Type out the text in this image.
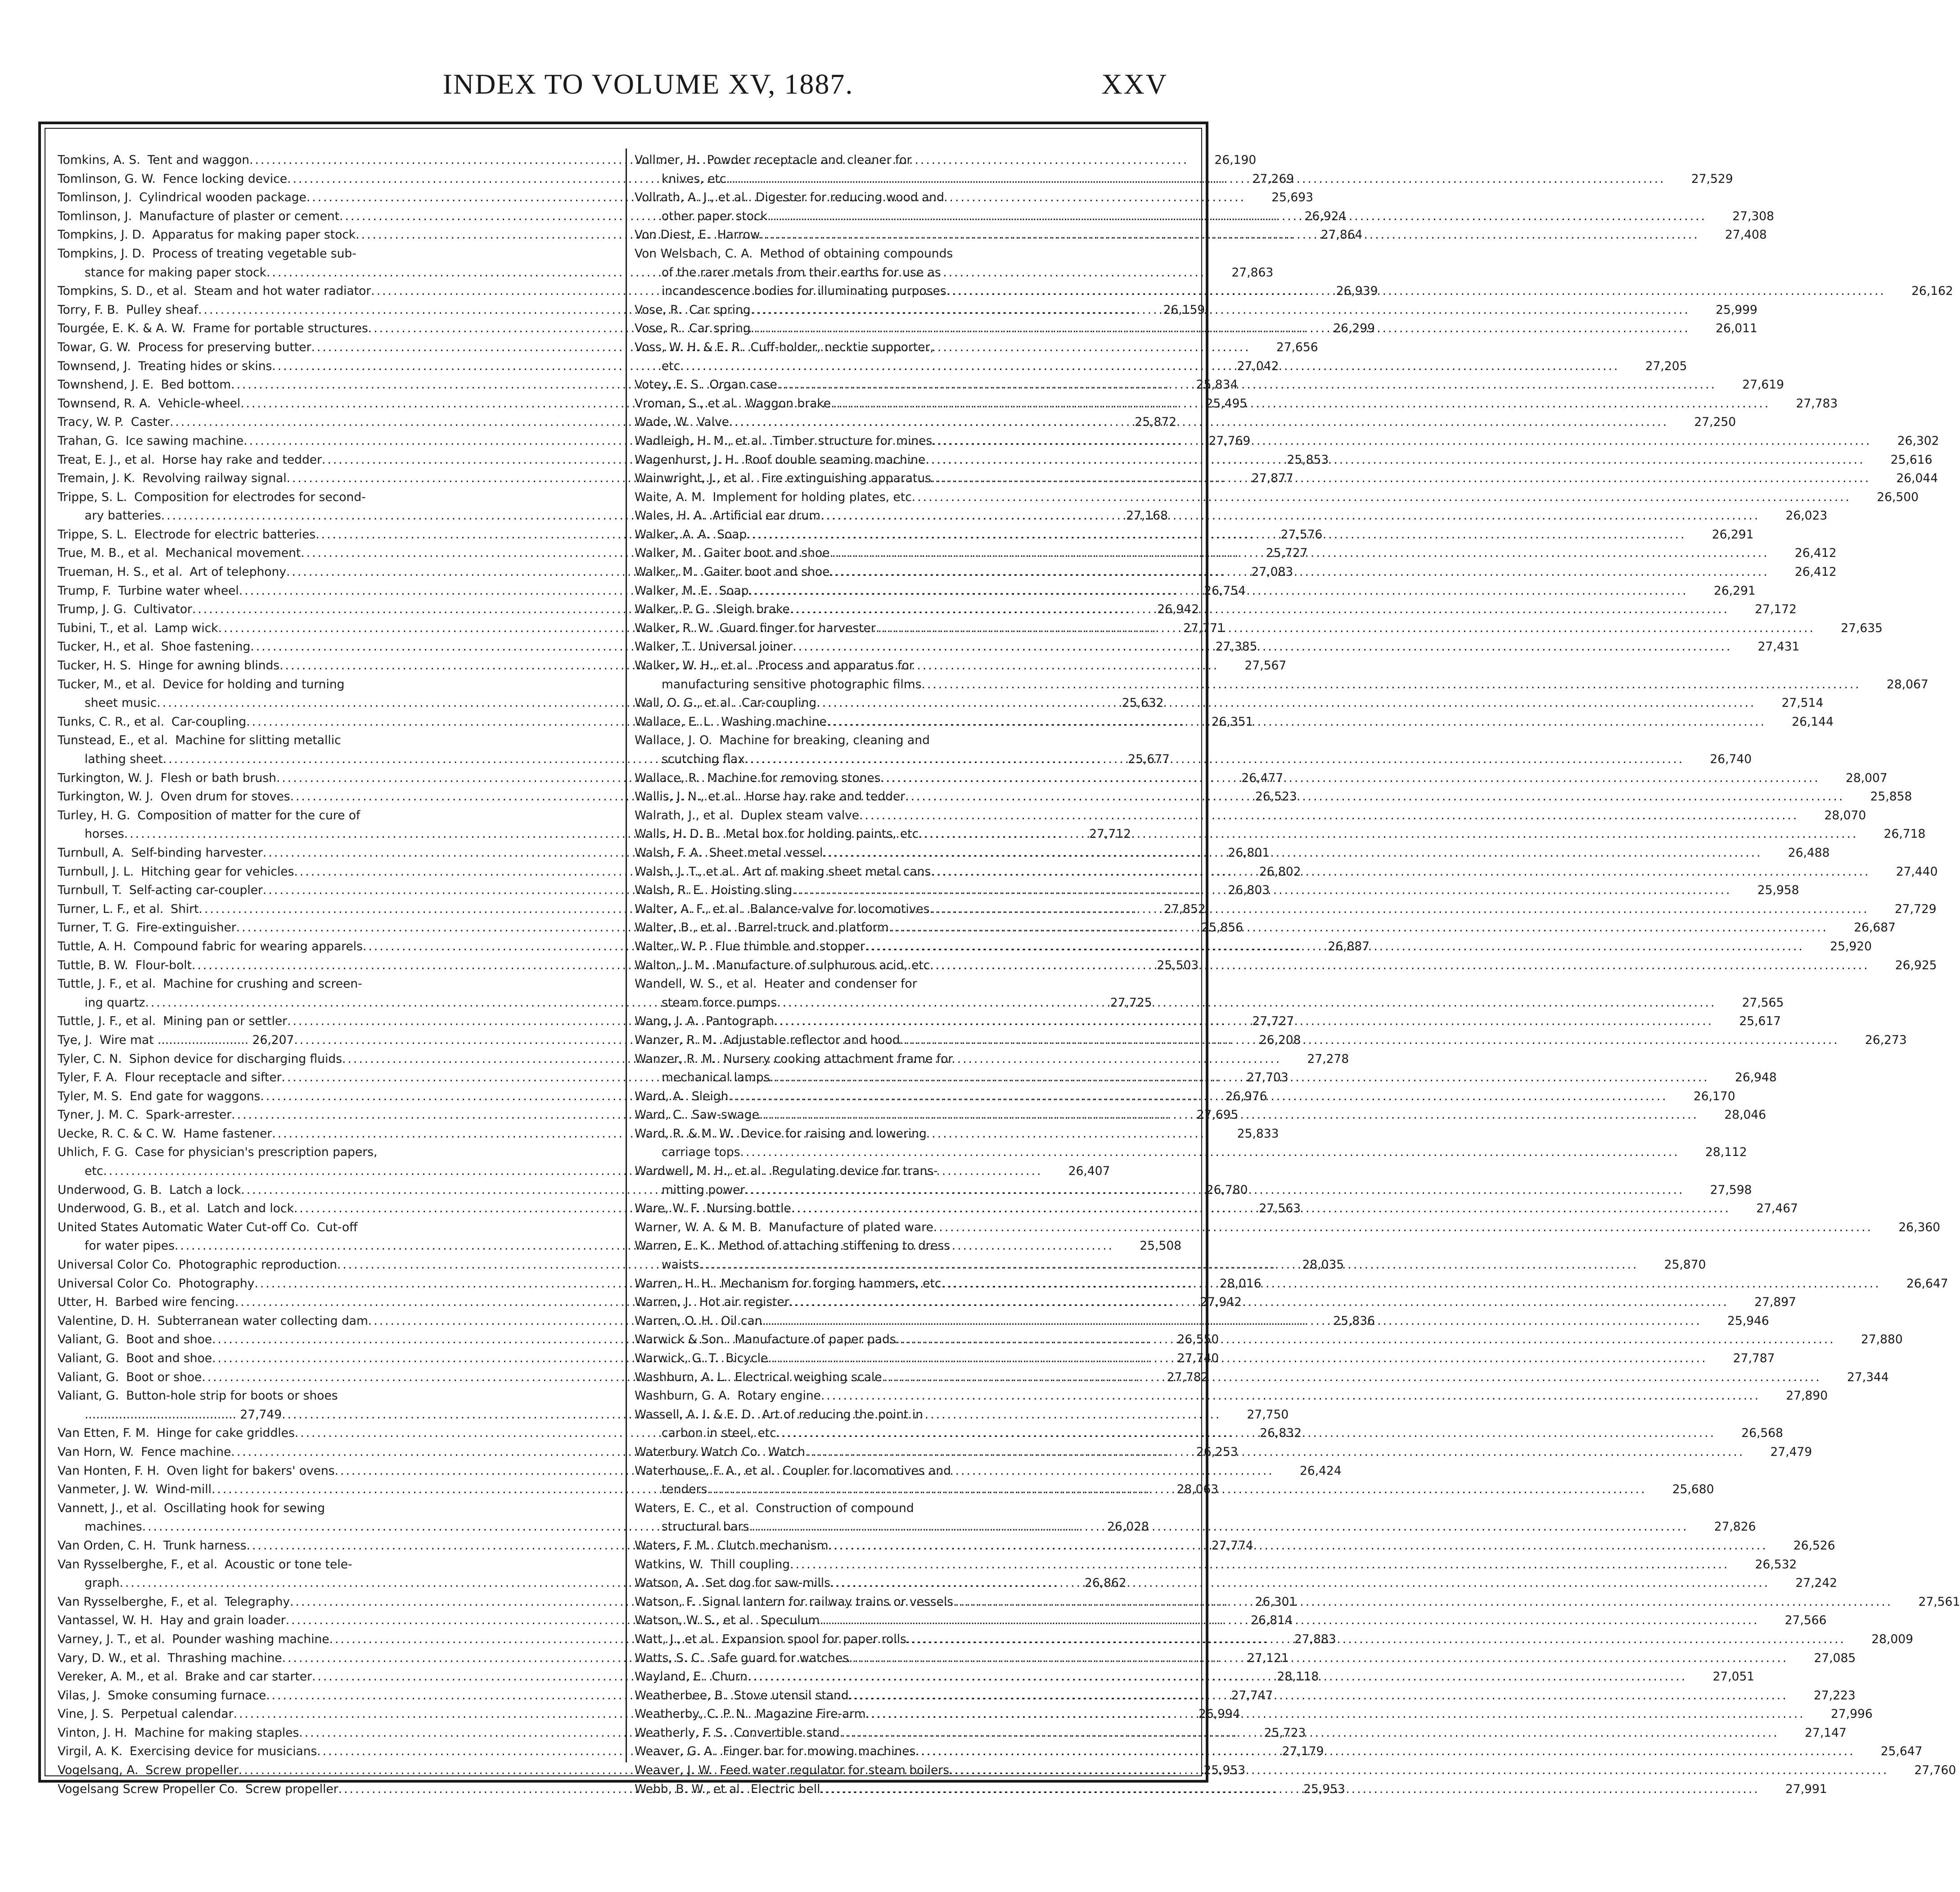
INDEX TO VOLUME XV, 1887.	XXV
Tomkins, A. S. Tent and waggon .....	26,190
Tomlinson, G. W. Fence locking device .....	27,269
Tomlinson, J. Cylindrical wooden package .....	25,693
Tomlinson, J. Manufacture of plaster or cement .....	26,924
Tompkins, J. D. Apparatus for making paper stock .....	27,864
Tompkins, J. D. Process of treating vegetable sub-
stance for making paper stock .....	27,863
Tompkins, S. D., et al. Steam and hot water radiator .....	26,939
Torry, F. B. Pulley sheaf .....	26,159
Tourgée, E. K. & A. W. Frame for portable structures .....	26,299
Towar, G. W. Process for preserving butter .....	27,656
Townsend, J. Treating hides or skins .....	27,042
Townshend, J. E. Bed bottom .....	25,834
Townsend, R. A. Vehicle-wheel .....	25,495
Tracy, W. P. Caster .....	25,872
Trahan, G. Ice sawing machine .....	27,769
Treat, E. J., et al. Horse hay rake and tedder .....	25,853
Tremain, J. K. Revolving railway signal .....	27,877
Trippe, S. L. Composition for electrodes for second-
ary batteries .....	27,168
Trippe, S. L. Electrode for electric batteries .....	27,576
True, M. B., et al. Mechanical movement .....	25,727
Trueman, H. S., et al. Art of telephony .....	27,083
Trump, F. Turbine water wheel .....	26,754
Trump, J. G. Cultivator .....	26,942
Tubini, T., et al. Lamp wick .....	27,771
Tucker, H., et al. Shoe fastening .....	27,385
Tucker, H. S. Hinge for awning blinds .....	27,567
Tucker, M., et al. Device for holding and turning
sheet music .....	25,632
Tunks, C. R., et al. Car-coupling .....	26,351
Tunstead, E., et al. Machine for slitting metallic
lathing sheet .....	25,677
Turkington, W. J. Flesh or bath brush .....	26,477
Turkington, W. J. Oven drum for stoves .....	26,523
Turley, H. G. Composition of matter for the cure of
horses .....	27,712
Turnbull, A. Self-binding harvester .....	26,801
Turnbull, J. L. Hitching gear for vehicles .....	26,802
Turnbull, T. Self-acting car-coupler .....	26,803
Turner, L. F., et al. Shirt .....	27,852
Turner, T. G. Fire-extinguisher .....	25,856
Tuttle, A. H. Compound fabric for wearing apparels .....	26,887
Tuttle, B. W. Flour-bolt .....	25,503
Tuttle, J. F., et al. Machine for crushing and screen-
ing quartz .....	27,725
Tuttle, J. F., et al. Mining pan or settler .....	27,727
Tye, J. Wire mat ........................ 26,207 .....	26,208
Tyler, C. N. Siphon device for discharging fluids .....	27,278
Tyler, F. A. Flour receptacle and sifter .....	27,703
Tyler, M. S. End gate for waggons .....	26,976
Tyner, J. M. C. Spark-arrester .....	27,695
Uecke, R. C. & C. W. Hame fastener .....	25,833
Uhlich, F. G. Case for physician's prescription papers,
etc .....	26,407
Underwood, G. B. Latch a lock .....	26,780
Underwood, G. B., et al. Latch and lock .....	27,563
United States Automatic Water Cut-off Co. Cut-off
for water pipes .....	25,508
Universal Color Co. Photographic reproduction .....	28,035
Universal Color Co. Photography .....	28,016
Utter, H. Barbed wire fencing .....	27,942
Valentine, D. H. Subterranean water collecting dam .....	25,836
Valiant, G. Boot and shoe .....	26,550
Valiant, G. Boot and shoe .....	27,740
Valiant, G. Boot or shoe .....	27,782
Valiant, G. Button-hole strip for boots or shoes
........................................ 27,749 .....	27,750
Van Etten, F. M. Hinge for cake griddles .....	26,832
Van Horn, W. Fence machine .....	26,253
Van Honten, F. H. Oven light for bakers' ovens .....	26,424
Vanmeter, J. W. Wind-mill .....	28,063
Vannett, J., et al. Oscillating hook for sewing
machines .....	26,028
Van Orden, C. H. Trunk harness .....	27,774
Van Rysselberghe, F., et al. Acoustic or tone tele-
graph .....	26,862
Van Rysselberghe, F., et al. Telegraphy .....	26,301
Vantassel, W. H. Hay and grain loader .....	26,814
Varney, J. T., et al. Pounder washing machine .....	27,883
Vary, D. W., et al. Thrashing machine .....	27,121
Vereker, A. M., et al. Brake and car starter .....	28,118
Vilas, J. Smoke consuming furnace .....	27,747
Vine, J. S. Perpetual calendar .....	26,994
Vinton, J. H. Machine for making staples .....	25,723
Virgil, A. K. Exercising device for musicians .....	27,179
Vogelsang, A. Screw propeller .....	25,953
Vogelsang Screw Propeller Co. Screw propeller .....	25,953
Vollmer, H. Powder receptacle and cleaner for
knives, etc .....	27,529
Vollrath, A. J., et al. Digester for reducing wood and
other paper stock .....	27,308
Von Diest, E. Harrow .....	27,408
Von Welsbach, C. A. Method of obtaining compounds
of the rarer metals from their earths for use as
incandescence bodies for illuminating purposes .....	26,162
Vose, R. Car spring .....	25,999
Vose, R. Car spring .....	26,011
Voss, W. H. & E. R. Cuff-holder, necktie supporter,
etc .....	27,205
Votey, E. S. Organ case .....	27,619
Vroman, S., et al. Waggon brake .....	27,783
Wade, W. Valve .....	27,250
Wadleigh, H. M., et al. Timber structure for mines .....	26,302
Wagenhurst, J. H. Roof double seaming machine .....	25,616
Wainwright, J., et al. Fire extinguishing apparatus .....	26,044
Waite, A. M. Implement for holding plates, etc .....	26,500
Wales, H. A. Artificial ear drum .....	26,023
Walker, A. A. Soap .....	26,291
Walker, M. Gaiter boot and shoe .....	26,412
Walker, M. Gaiter boot and shoe .....	26,412
Walker, M. E. Soap .....	26,291
Walker, P. G. Sleigh brake .....	27,172
Walker, R. W. Guard finger for harvester .....	27,635
Walker, T. Universal joiner .....	27,431
Walker, W. H., et al. Process and apparatus for
manufacturing sensitive photographic films .....	28,067
Wall, O. G., et al. Car-coupling .....	27,514
Wallace, E. L. Washing machine .....	26,144
Wallace, J. O. Machine for breaking, cleaning and
scutching flax .....	26,740
Wallace, R. Machine for removing stones .....	28,007
Wallis, J. N., et al. Horse hay rake and tedder .....	25,858
Walrath, J., et al. Duplex steam valve .....	28,070
Walls, H. D. B. Metal box for holding paints, etc .....	26,718
Walsh, F. A. Sheet metal vessel .....	26,488
Walsh, J. T., et al. Art of making sheet metal cans .....	27,440
Walsh, R. E. Hoisting sling .....	25,958
Walter, A. F., et al. Balance-valve for locomotives .....	27,729
Walter, B., et al. Barrel-truck and platform .....	26,687
Walter, W. P. Flue thimble and stopper .....	25,920
Walton, J. M. Manufacture of sulphurous acid, etc .....	26,925
Wandell, W. S., et al. Heater and condenser for
steam force pumps .....	27,565
Wang, J. A. Pantograph .....	25,617
Wanzer, R. M. Adjustable reflector and hood .....	26,273
Wanzer, R. M. Nursery cooking attachment frame for
mechanical lamps .....	26,948
Ward, A. Sleigh .....	26,170
Ward, C. Saw-swage .....	28,046
Ward, R. & M. W. Device for raising and lowering
carriage tops .....	28,112
Wardwell, M. H., et al. Regulating device for trans-
mitting power .....	27,598
Ware, W. F. Nursing bottle .....	27,467
Warner, W. A. & M. B. Manufacture of plated ware .....	26,360
Warren, E. K. Method of attaching stiffening to dress
waists .....	25,870
Warren, H. H. Mechanism for forging hammers, etc .....	26,647
Warren, J. Hot air register .....	27,897
Warren, O. H. Oil can .....	25,946
Warwick & Son. Manufacture of paper pads .....	27,880
Warwick, G. T. Bicycle .....	27,787
Washburn, A. L. Electrical weighing scale .....	27,344
Washburn, G. A. Rotary engine .....	27,890
Wassell, A. I. & E. D. Art of reducing the point in
carbon in steel, etc .....	26,568
Waterbury Watch Co. Watch .....	27,479
Waterhouse, F. A., et al. Coupler for locomotives and
tenders .....	25,680
Waters, E. C., et al. Construction of compound
structural bars .....	27,826
Waters, F. M. Clutch mechanism .....	26,526
Watkins, W. Thill coupling .....	26,532
Watson, A. Set dog for saw-mills .....	27,242
Watson, F. Signal lantern for railway trains or vessels .....	27,561
Watson, W. S., et al. Speculum .....	27,566
Watt, J., et al. Expansion spool for paper rolls .....	28,009
Watts, S. C. Safe guard for watches .....	27,085
Wayland, E. Churn .....	27,051
Weatherbee, B. Stove utensil stand .....	27,223
Weatherby, C. P. N. Magazine Fire-arm .....	27,996
Weatherly, F. S. Convertible stand .....	27,147
Weaver, G. A. Finger bar for mowing machines .....	25,647
Weaver, J. W. Feed water regulator for steam boilers .....	27,760
Webb, B. W., et al. Electric bell .....	27,991
